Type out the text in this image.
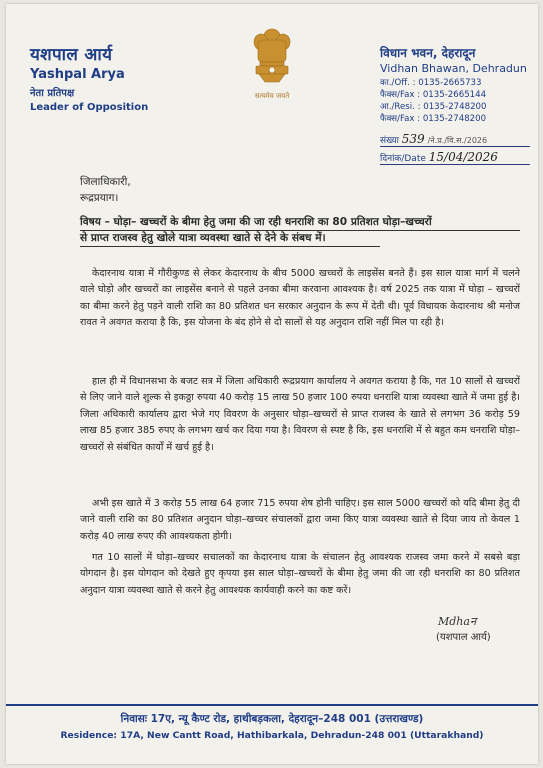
यशपाल आर्य
Yashpal Arya
नेता प्रतिपक्ष
Leader of Opposition
सत्यमेव जयते
विधान भवन, देहरादून
Vidhan Bhawan, Dehradun
का./Off. : 0135-2665733
फैक्स/Fax : 0135-2665144
आ./Resi. : 0135-2748200
फैक्स/Fax : 0135-2748200
संख्या 539 /ने.प्र./वि.स./2026
दिनांक/Date 15/04/2026
जिलाधिकारी,
रूद्रप्रयाग।
विषय – घोड़ा– खच्चरों के बीमा हेतु जमा की जा रही धनराशि का 80 प्रतिशत घोड़ा–खच्चरों
से प्राप्त राजस्व हेतु खोले यात्रा व्यवस्था खाते से देने के संबध में।
केदारनाथ यात्रा में गौरीकुण्ड से लेकर केदारनाथ के बीच 5000 खच्चरों के लाइसेंस बनते हैं। इस साल यात्रा मार्ग में चलने वाले घोड़ो और खच्चरों का लाइसेंस बनाने से पहले उनका बीमा करवाना आवश्यक है। वर्ष 2025 तक यात्रा में घोड़ा – खच्चरों का बीमा करने हेतु पड़ने वाली राशि का 80 प्रतिशत धन सरकार अनुदान के रूप में देती थी। पूर्व विधायक केदारनाथ श्री मनोज रावत ने अवगत कराया है कि, इस योजना के बंद होने से दो सालों से यह अनुदान राशि नहीं मिल पा रही है।
हाल ही में विधानसभा के बजट सत्र में जिला अधिकारी रूद्रप्रयाग कार्यालय ने अवगत कराया है कि, गत 10 सालों से खच्चरों से लिए जाने वाले शुल्क से इकठ्ठा रुपया 40 करोड़ 15 लाख 50 हजार 100 रुपया धनराशि यात्रा व्यवस्था खाते में जमा हुई है। जिला अधिकारी कार्यालय द्वारा भेजे गए विवरण के अनुसार घोड़ा–खच्चरों से प्राप्त राजस्व के खाते से लगभग 36 करोड़ 59 लाख 85 हजार 385 रुपए के लगभग खर्च कर दिया गया है। विवरण से स्पष्ट है कि, इस धनराशि में से बहुत कम धनराशि घोड़ा–खच्चरों से संबंधित कार्यों में खर्च हुई है।
अभी इस खाते में 3 करोड़ 55 लाख 64 हजार 715 रुपया शेष होनी चाहिए। इस साल 5000 खच्चरों को यदि बीमा हेतु दी जाने वाली राशि का 80 प्रतिशत अनुदान घोड़ा–खच्चर संचालकों द्वारा जमा किए यात्रा व्यवस्था खाते से दिया जाय तो केवल 1 करोड़ 40 लाख रुपए की आवश्यकता होगी।
गत 10 सालों में घोड़ा–खच्चर सचालकों का केदारनाथ यात्रा के संचालन हेतु आवश्यक राजस्व जमा करने में सबसे बड़ा योगदान है। इस योगदान को देखते हुए कृपया इस साल घोड़ा–खच्चरों के बीमा हेतु जमा की जा रही धनराशि का 80 प्रतिशत अनुदान यात्रा व्यवस्था खाते से करने हेतु आवश्यक कार्यवाही करने का कष्ट करें।
Mdhaन
(यशपाल आर्य)
निवासः 17ए, न्यू कैण्ट रोड, हाथीबड़कला, देहरादून–248 001 (उत्तराखण्ड)
Residence: 17A, New Cantt Road, Hathibarkala, Dehradun-248 001 (Uttarakhand)
